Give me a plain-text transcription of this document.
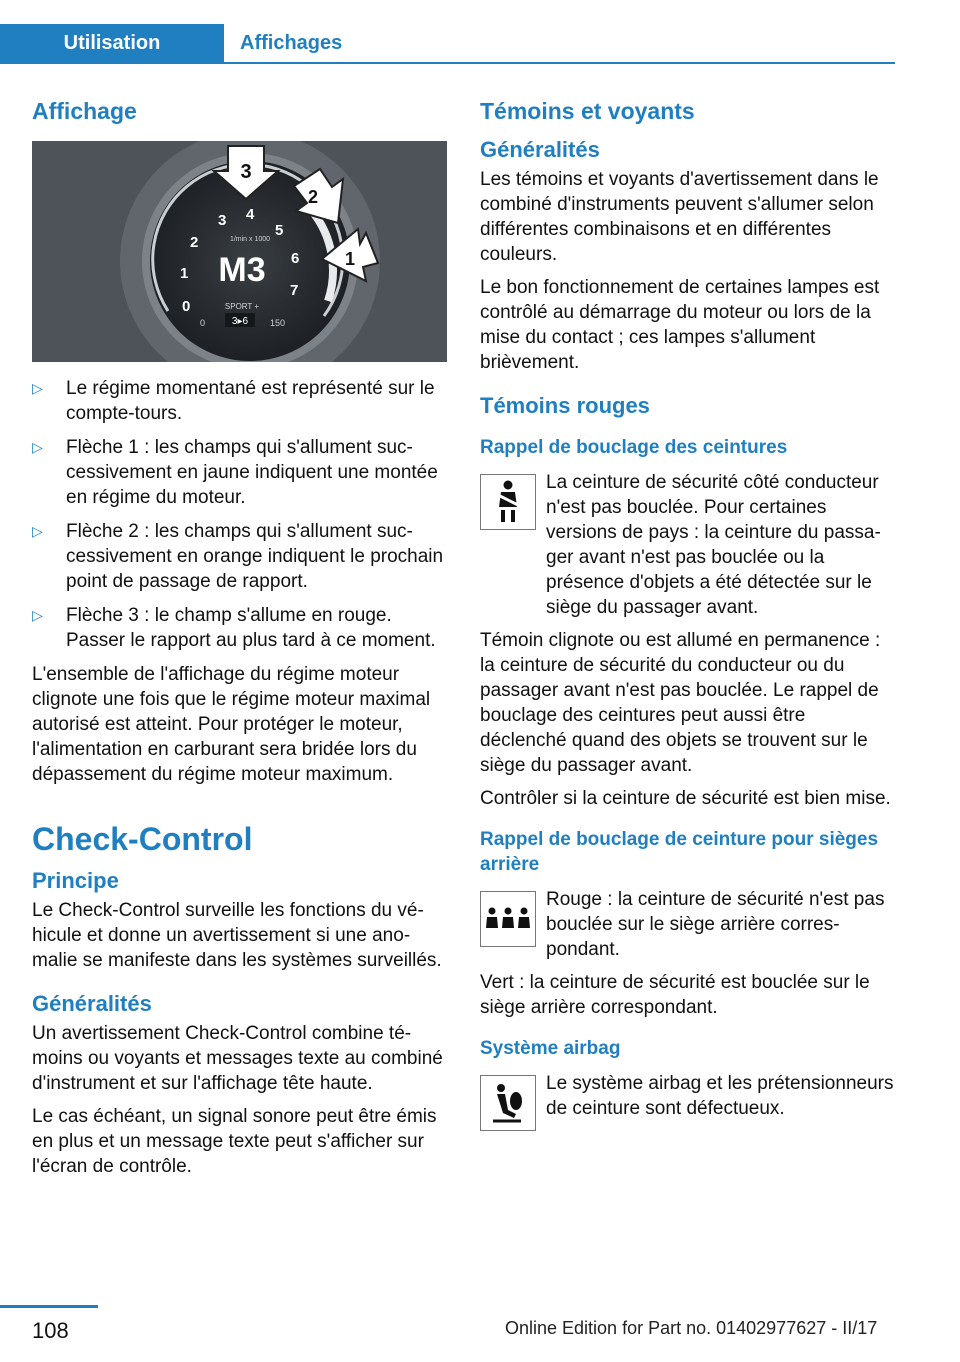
Utilisation	Affichages
Affichage
0
1
2
3 4
5
6
7
1/min x 1000
M3
SPORT +
3▸6
0	150
3
2
1
▷ Le régime momentané est représenté sur le compte-tours.
▷ Flèche 1 : les champs qui s'allument successivement en jaune indiquent une montée en régime du moteur.
▷ Flèche 2 : les champs qui s'allument successivement en orange indiquent le prochain point de passage de rapport.
▷ Flèche 3 : le champ s'allume en rouge. Passer le rapport au plus tard à ce moment.

L'ensemble de l'affichage du régime moteur clignote une fois que le régime moteur maximal autorisé est atteint. Pour protéger le moteur, l'alimentation en carburant sera bridée lors du dépassement du régime moteur maximum.

Check-Control
Principe

Le Check-Control surveille les fonctions du véhicule et donne un avertissement si une anomalie se manifeste dans les systèmes surveillés.

Généralités

Un avertissement Check-Control combine témoins ou voyants et messages texte au combiné d'instrument et sur l'affichage tête haute.

Le cas échéant, un signal sonore peut être émis en plus et un message texte peut s'afficher sur l'écran de contrôle.

Témoins et voyants
Généralités

Les témoins et voyants d'avertissement dans le combiné d'instruments peuvent s'allumer selon différentes combinaisons et en différentes couleurs.

Le bon fonctionnement de certaines lampes est contrôlé au démarrage du moteur ou lors de la mise du contact ; ces lampes s'allument brièvement.

Témoins rouges
Rappel de bouclage des ceintures

La ceinture de sécurité côté conducteur n'est pas bouclée. Pour certaines versions de pays : la ceinture du passager avant n'est pas bouclée ou la présence d'objets a été détectée sur le siège du passager avant.

Témoin clignote ou est allumé en permanence : la ceinture de sécurité du conducteur ou du passager avant n'est pas bouclée. Le rappel de bouclage des ceintures peut aussi être déclenché quand des objets se trouvent sur le siège du passager avant.

Contrôler si la ceinture de sécurité est bien mise.

Rappel de bouclage de ceinture pour sièges arrière

Rouge : la ceinture de sécurité n'est pas bouclée sur le siège arrière correspondant.

Vert : la ceinture de sécurité est bouclée sur le siège arrière correspondant.

Système airbag

Le système airbag et les prétensionneurs de ceinture sont défectueux.

108	Online Edition for Part no. 01402977627 - II/17
